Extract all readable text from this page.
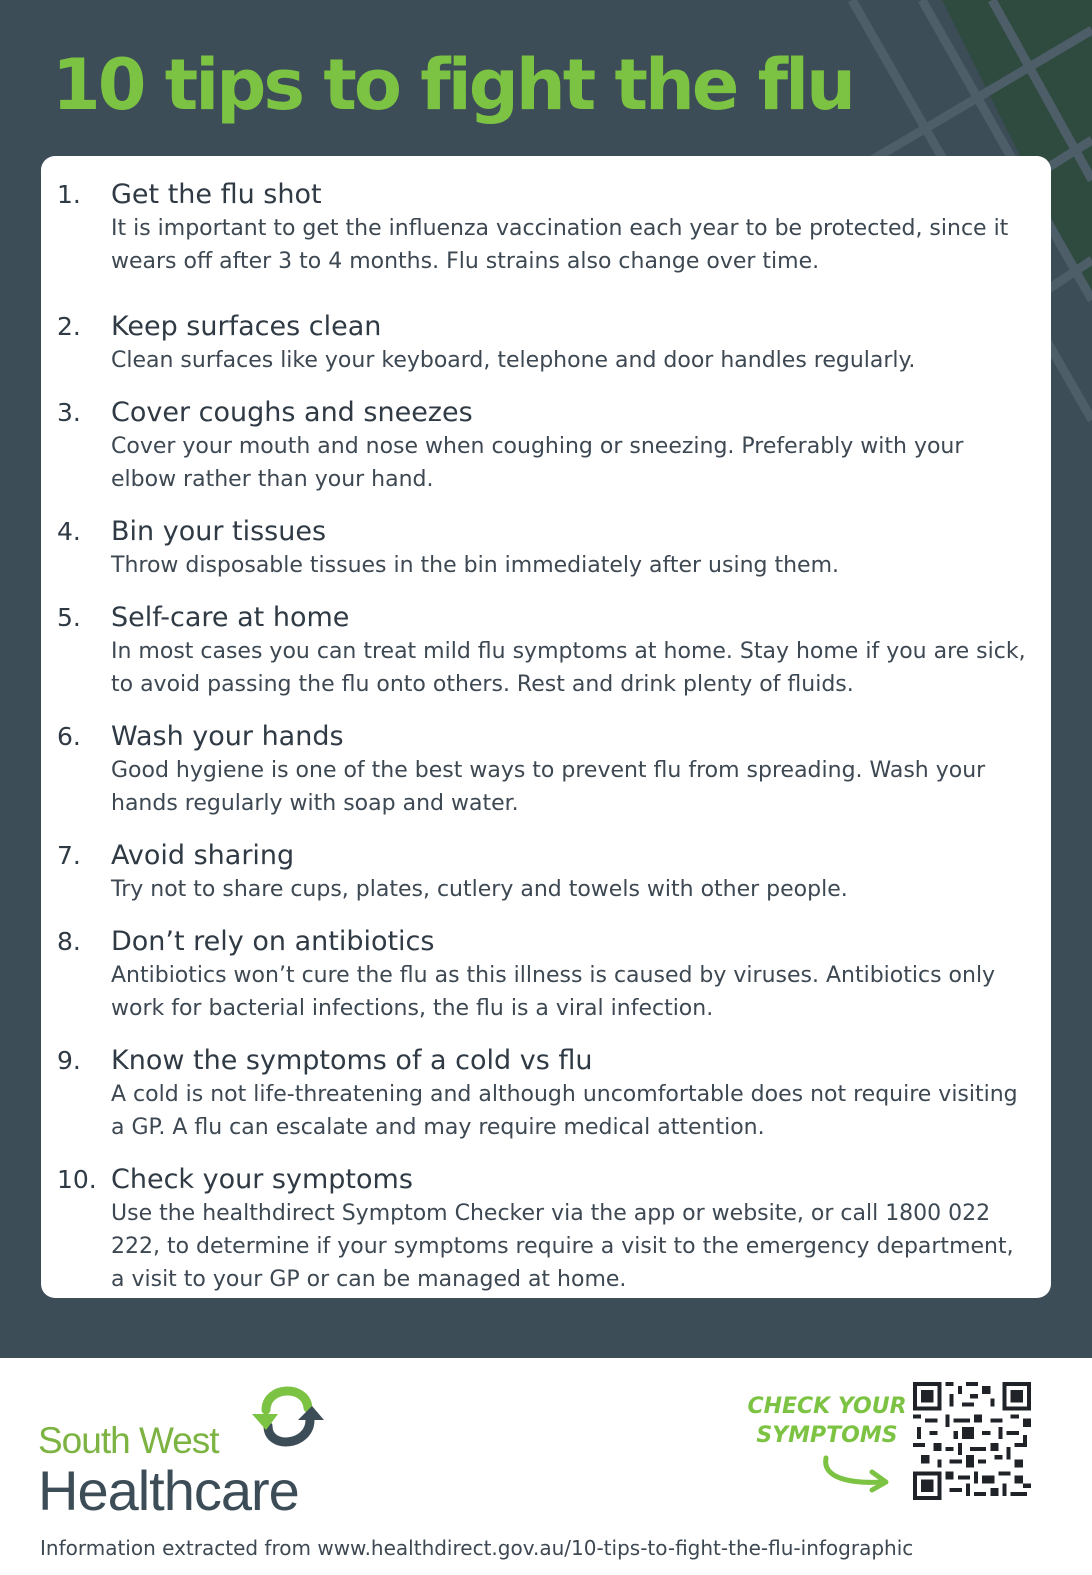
10 tips to fight the flu
1.	Get the flu shot
It is important to get the influenza vaccination each year to be protected, since it wears off after 3 to 4 months. Flu strains also change over time.
2.	Keep surfaces clean
Clean surfaces like your keyboard, telephone and door handles regularly.
3.	Cover coughs and sneezes
Cover your mouth and nose when coughing or sneezing. Preferably with your elbow rather than your hand.
4.	Bin your tissues
Throw disposable tissues in the bin immediately after using them.
5.	Self-care at home
In most cases you can treat mild flu symptoms at home. Stay home if you are sick, to avoid passing the flu onto others. Rest and drink plenty of fluids.
6.	Wash your hands
Good hygiene is one of the best ways to prevent flu from spreading. Wash your hands regularly with soap and water.
7.	Avoid sharing
Try not to share cups, plates, cutlery and towels with other people.
8.	Don’t rely on antibiotics
Antibiotics won’t cure the flu as this illness is caused by viruses. Antibiotics only work for bacterial infections, the flu is a viral infection.
9.	Know the symptoms of a cold vs flu
A cold is not life-threatening and although uncomfortable does not require visiting a GP. A flu can escalate and may require medical attention.
10. Check your symptoms
Use the healthdirect Symptom Checker via the app or website, or call 1800 022 222, to determine if your symptoms require a visit to the emergency department, a visit to your GP or can be managed at home.
South West
Healthcare
CHECK YOUR
SYMPTOMS
Information extracted from www.healthdirect.gov.au/10-tips-to-fight-the-flu-infographic
